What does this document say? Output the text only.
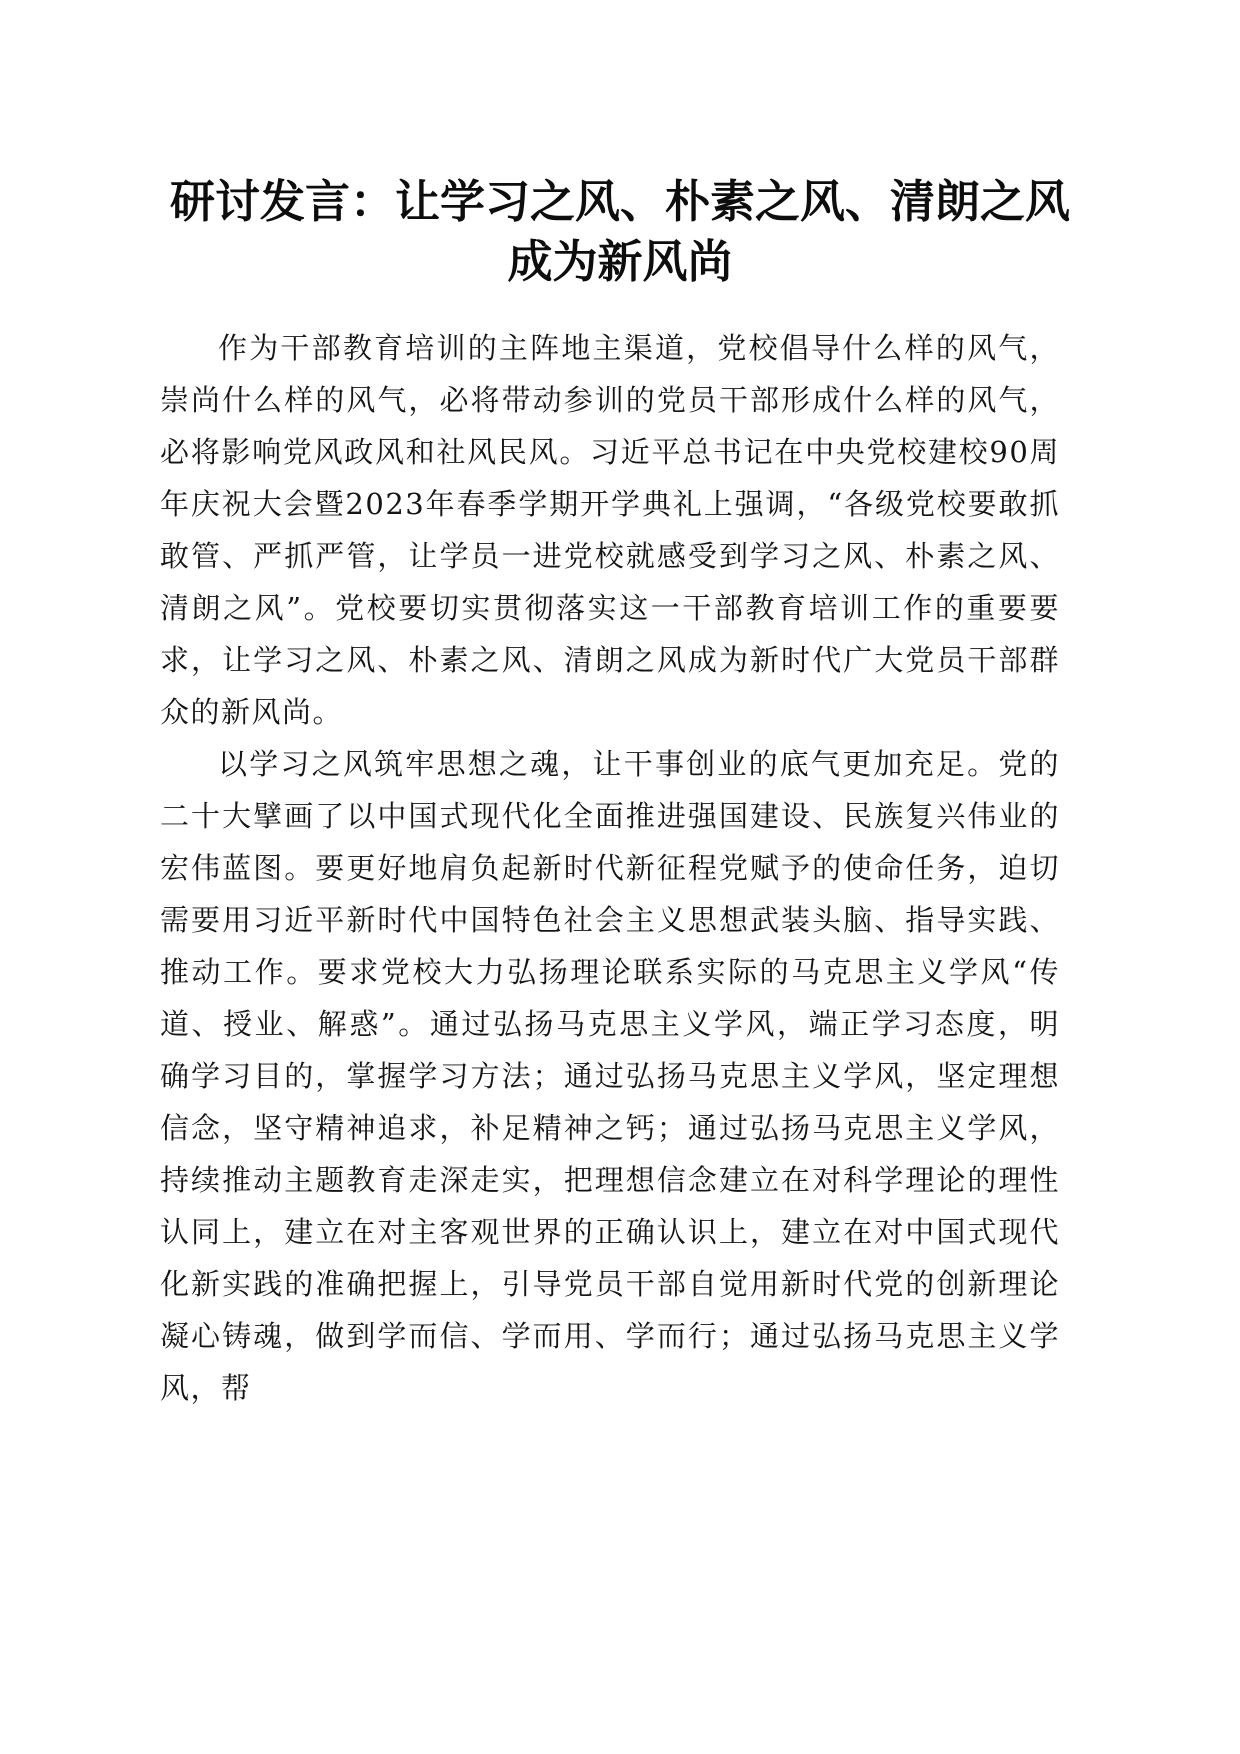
研讨发言：让学习之风、朴素之风、清朗之风
成为新风尚

作为干部教育培训的主阵地主渠道，党校倡导什么样的风气，崇尚什么样的风气，必将带动参训的党员干部形成什么样的风气，必将影响党风政风和社风民风。习近平总书记在中央党校建校90周年庆祝大会暨2023年春季学期开学典礼上强调，“各级党校要敢抓敢管、严抓严管，让学员一进党校就感受到学习之风、朴素之风、清朗之风”。党校要切实贯彻落实这一干部教育培训工作的重要要求，让学习之风、朴素之风、清朗之风成为新时代广大党员干部群众的新风尚。

以学习之风筑牢思想之魂，让干事创业的底气更加充足。党的二十大擘画了以中国式现代化全面推进强国建设、民族复兴伟业的宏伟蓝图。要更好地肩负起新时代新征程党赋予的使命任务，迫切需要用习近平新时代中国特色社会主义思想武装头脑、指导实践、推动工作。要求党校大力弘扬理论联系实际的马克思主义学风“传道、授业、解惑”。通过弘扬马克思主义学风，端正学习态度，明确学习目的，掌握学习方法；通过弘扬马克思主义学风，坚定理想信念，坚守精神追求，补足精神之钙；通过弘扬马克思主义学风，持续推动主题教育走深走实，把理想信念建立在对科学理论的理性认同上，建立在对主客观世界的正确认识上，建立在对中国式现代化新实践的准确把握上，引导党员干部自觉用新时代党的创新理论凝心铸魂，做到学而信、学而用、学而行；通过弘扬马克思主义学风，帮
